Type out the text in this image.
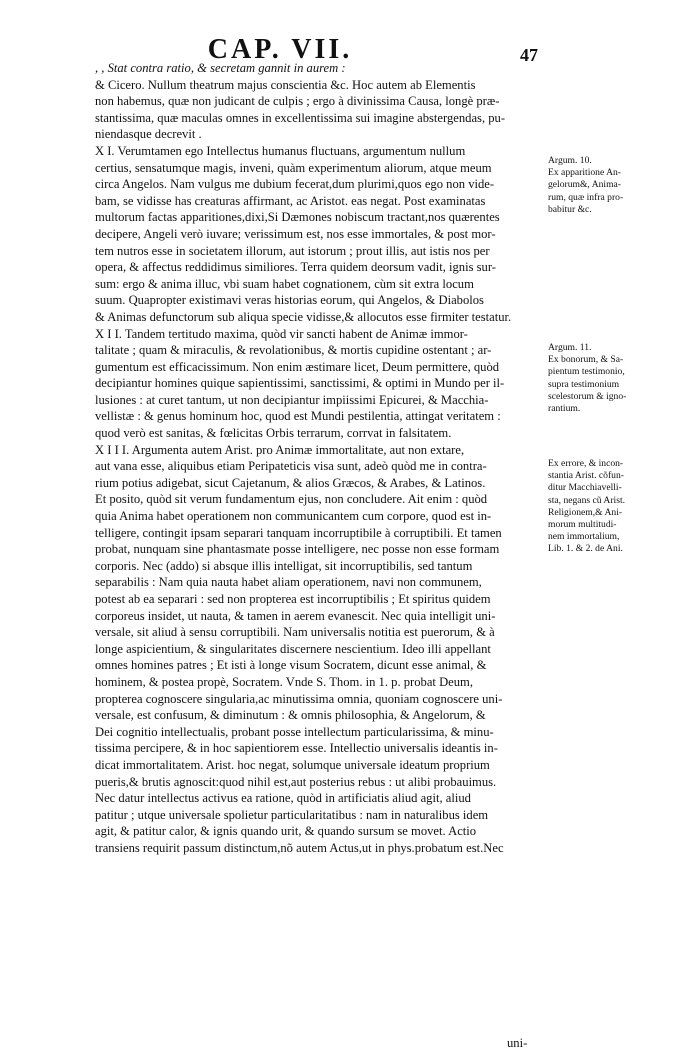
CAP. VII.	47
, , Stat contra ratio, & secretam gannit in aurem :
& Cicero. Nullum theatrum majus conscientia &c. Hoc autem ab Elementis
non habemus, quæ non judicant de culpis ; ergo à divinissima Causa, longè præ-
stantissima, quæ maculas omnes in excellentissima sui imagine abstergendas, pu-
niendasque decrevit .
X I. Verumtamen ego Intellectus humanus fluctuans, argumentum nullum
certius, sensatumque magis, inveni, quàm experimentum aliorum, atque meum
circa Angelos. Nam vulgus me dubium fecerat,dum plurimi,quos ego non vide-
bam, se vidisse has creaturas affirmant, ac Aristot. eas negat. Post examinatas
multorum factas apparitiones,dixi,Si Dæmones nobiscum tractant,nos quærentes
decipere, Angeli verò iuvare; verissimum est, nos esse immortales, & post mor-
tem nutros esse in societatem illorum, aut istorum ; prout illis, aut istis nos per
opera, & affectus reddidimus similiores. Terra quidem deorsum vadit, ignis sur-
sum: ergo & anima illuc, vbi suam habet cognationem, cùm sit extra locum
suum. Quapropter existimavi veras historias eorum, qui Angelos, & Diabolos
& Animas defunctorum sub aliqua specie vidisse,& allocutos esse firmiter testatur.
X I I. Tandem tertitudo maxima, quòd vir sancti habent de Animæ immor-
talitate ; quam & miraculis, & revolationibus, & mortis cupidine ostentant ; ar-
gumentum est efficacissimum. Non enim æstimare licet, Deum permittere, quòd
decipiantur homines quique sapientissimi, sanctissimi, & optimi in Mundo per il-
lusiones : at curet tantum, ut non decipiantur impiissimi Epicurei, & Macchia-
vellistæ : & genus hominum hoc, quod est Mundi pestilentia, attingat veritatem :
quod verò est sanitas, & fœlicitas Orbis terrarum, corrvat in falsitatem.
X I I I. Argumenta autem Arist. pro Animæ immortalitate, aut non extare,
aut vana esse, aliquibus etiam Peripateticis visa sunt, adeò quòd me in contra-
rium potius adigebat, sicut Cajetanum, & alios Græcos, & Arabes, & Latinos.
Et posito, quòd sit verum fundamentum ejus, non concludere. Ait enim : quòd
quia Anima habet operationem non communicantem cum corpore, quod est in-
telligere, contingit ipsam separari tanquam incorruptibile à corruptibili. Et tamen
probat, nunquam sine phantasmate posse intelligere, nec posse non esse formam
corporis. Nec (addo) si absque illis intelligat, sit incorruptibilis, sed tantum
separabilis : Nam quia nauta habet aliam operationem, navi non communem,
potest ab ea separari : sed non propterea est incorruptibilis ; Et spiritus quidem
corporeus insidet, ut nauta, & tamen in aerem evanescit. Nec quia intelligit uni-
versale, sit aliud à sensu corruptibili. Nam universalis notitia est puerorum, & à
longe aspicientium, & singularitates discernere nescientium. Ideo illi appellant
omnes homines patres ; Et isti à longe visum Socratem, dicunt esse animal, &
hominem, & postea propè, Socratem. Vnde S. Thom. in 1. p. probat Deum,
propterea cognoscere singularia,ac minutissima omnia, quoniam cognoscere uni-
versale, est confusum, & diminutum : & omnis philosophia, & Angelorum, &
Dei cognitio intellectualis, probant posse intellectum particularissima, & minu-
tissima percipere, & in hoc sapientiorem esse. Intellectio universalis ideantis in-
dicat immortalitatem. Arist. hoc negat, solumque universale ideatum proprium
pueris,& brutis agnoscit:quod nihil est,aut posterius rebus : ut alibi probauimus.
Nec datur intellectus activus ea ratione, quòd in artificiatis aliud agit, aliud
patitur ; utque universale spolietur particularitatibus : nam in naturalibus idem
agit, & patitur calor, & ignis quando urit, & quando sursum se movet. Actio
transiens requirit passum distinctum,nõ autem Actus,ut in phys.probatum est.Nec
Argum. 10.
Ex apparitione An-
gelorum&, Anima-
rum, quæ infra pro-
babitur &c.
Argum. 11.
Ex bonorum, & Sa-
pientum testimonio,
supra testimonium
scelestorum & igno-
rantium.
Ex errore, & incon-
stantia Arist. cõfun-
ditur Macchiavelli-
sta, negans cũ Arist.
Religionem,& Ani-
morum multitudi-
nem immortalium,
Lib. 1. & 2. de Ani.
uni-
